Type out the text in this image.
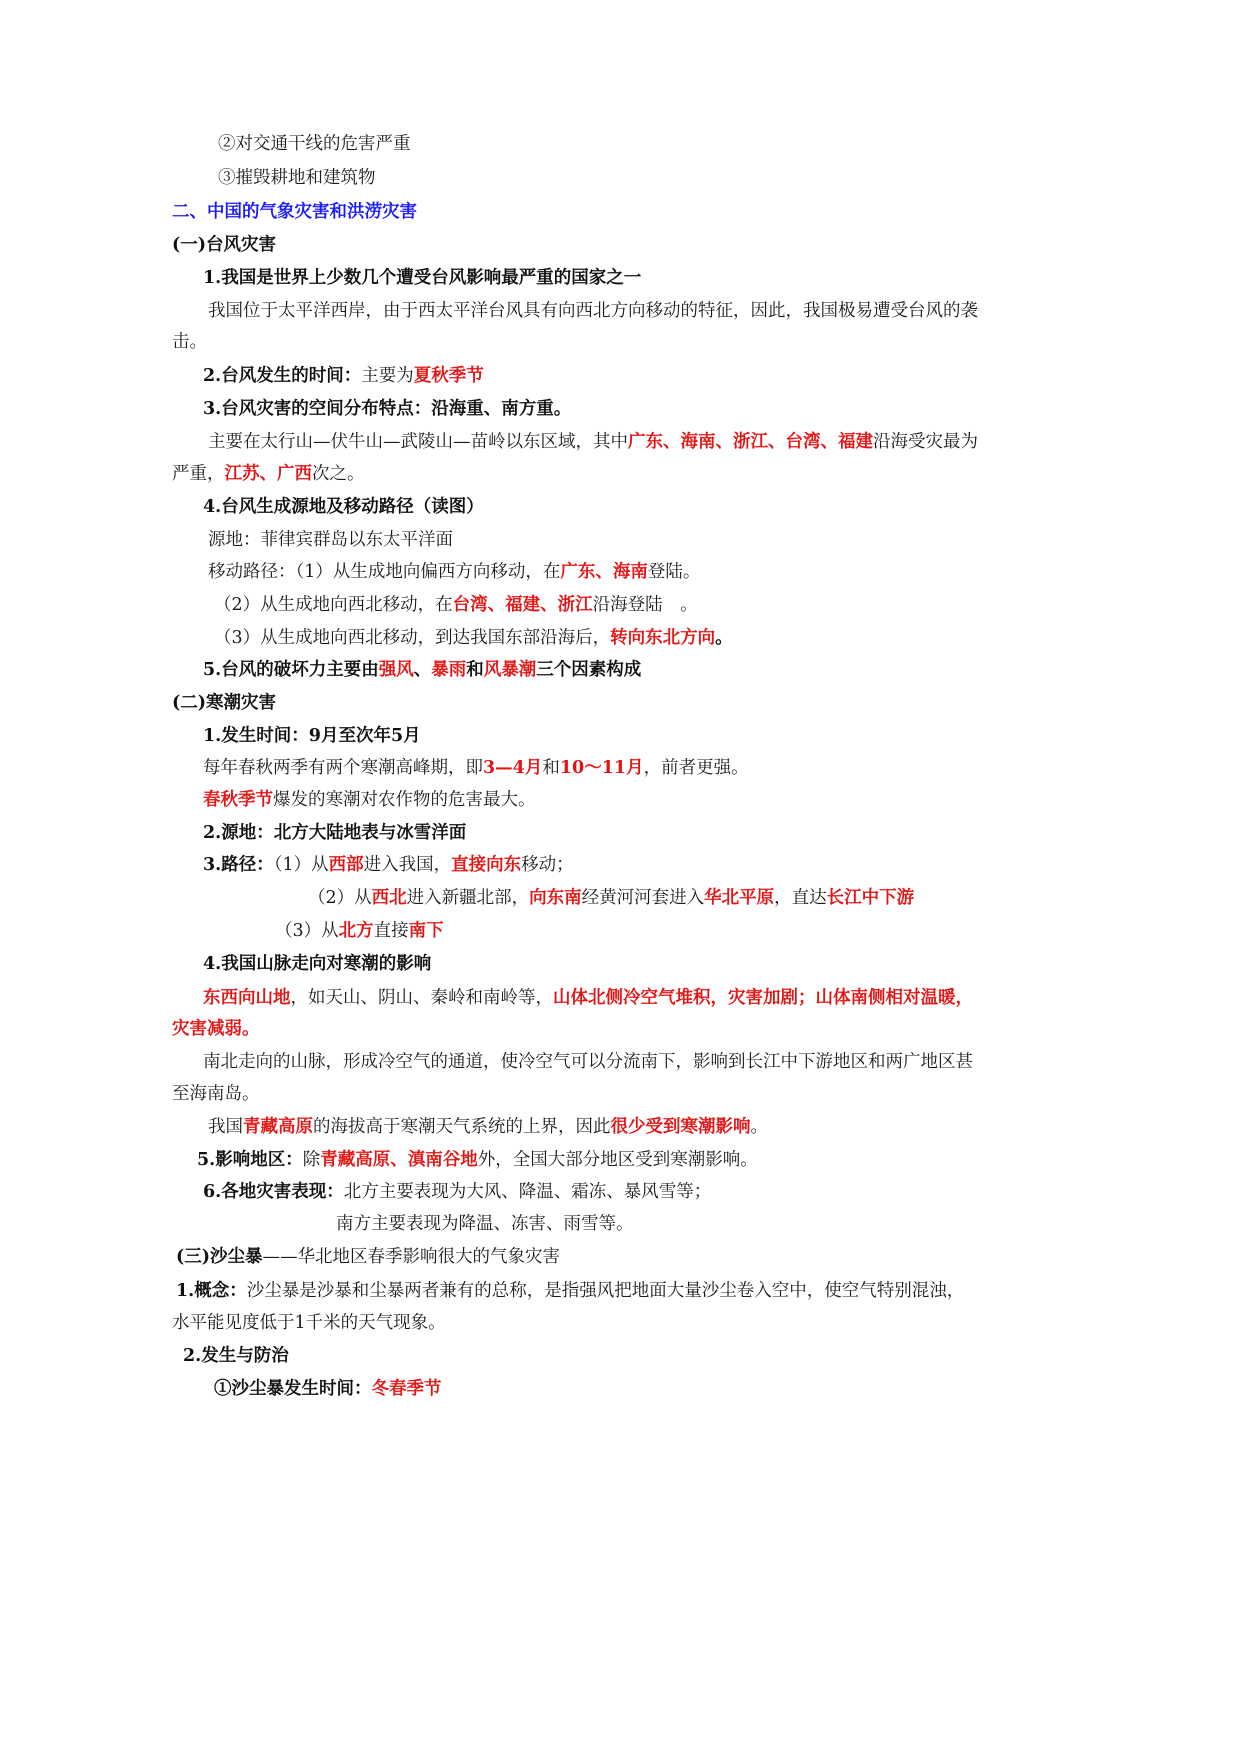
②对交通干线的危害严重
③摧毁耕地和建筑物
二、中国的气象灾害和洪涝灾害
(一)台风灾害
1.我国是世界上少数几个遭受台风影响最严重的国家之一
我国位于太平洋西岸，由于西太平洋台风具有向西北方向移动的特征，因此，我国极易遭受台风的袭
击。
2.台风发生的时间：主要为夏秋季节
3.台风灾害的空间分布特点：沿海重、南方重。
主要在太行山—伏牛山—武陵山—苗岭以东区域，其中广东、海南、浙江、台湾、福建沿海受灾最为
严重，江苏、广西次之。
4.台风生成源地及移动路径（读图）
源地：菲律宾群岛以东太平洋面
移动路径：（1）从生成地向偏西方向移动，在广东、海南登陆。
（2）从生成地向西北移动，在台湾、福建、浙江沿海登陆　。
（3）从生成地向西北移动，到达我国东部沿海后，转向东北方向。
5.台风的破坏力主要由强风、暴雨和风暴潮三个因素构成
(二)寒潮灾害
1.发生时间：9月至次年5月
每年春秋两季有两个寒潮高峰期，即3—4月和10～11月，前者更强。
春秋季节爆发的寒潮对农作物的危害最大。
2.源地：北方大陆地表与冰雪洋面
3.路径：（1）从西部进入我国，直接向东移动；
（2）从西北进入新疆北部，向东南经黄河河套进入华北平原，直达长江中下游
（3）从北方直接南下
4.我国山脉走向对寒潮的影响
东西向山地，如天山、阴山、秦岭和南岭等，山体北侧冷空气堆积，灾害加剧；山体南侧相对温暖，
灾害减弱。
南北走向的山脉，形成冷空气的通道，使冷空气可以分流南下，影响到长江中下游地区和两广地区甚
至海南岛。
我国青藏高原的海拔高于寒潮天气系统的上界，因此很少受到寒潮影响。
5.影响地区：除青藏高原、滇南谷地外，全国大部分地区受到寒潮影响。
6.各地灾害表现：北方主要表现为大风、降温、霜冻、暴风雪等；
南方主要表现为降温、冻害、雨雪等。
(三)沙尘暴——华北地区春季影响很大的气象灾害
1.概念：沙尘暴是沙暴和尘暴两者兼有的总称，是指强风把地面大量沙尘卷入空中，使空气特别混浊，
水平能见度低于1千米的天气现象。
2.发生与防治
①沙尘暴发生时间：冬春季节
